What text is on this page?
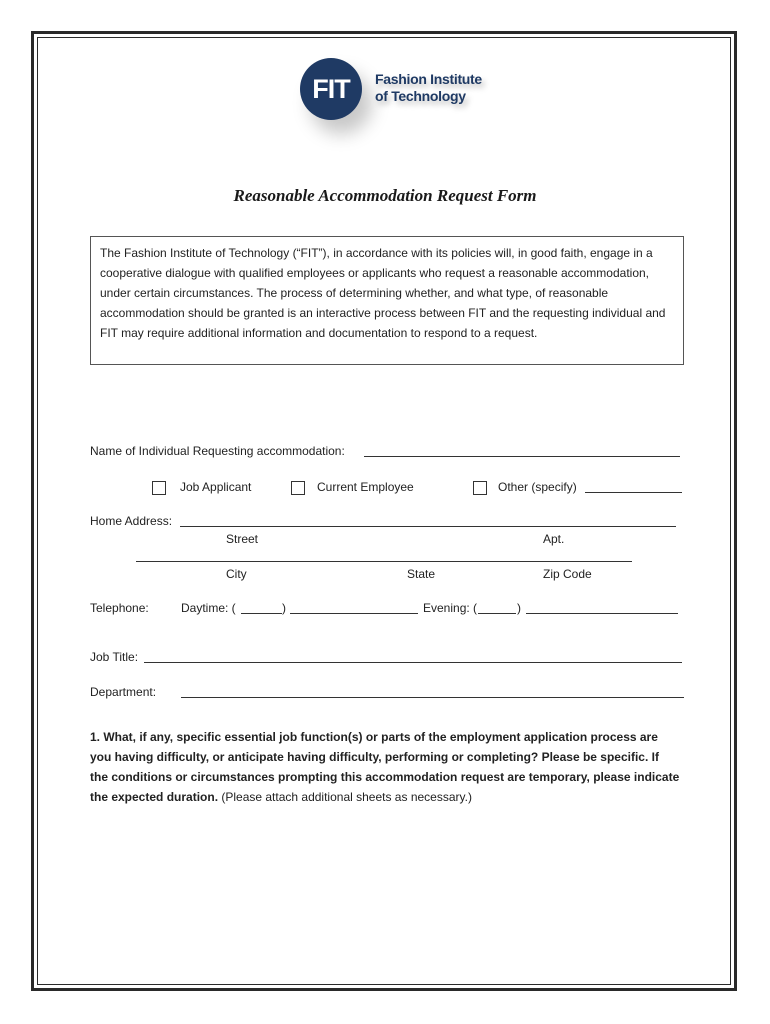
FIT	Fashion Institute
of Technology
Reasonable Accommodation Request Form
The Fashion Institute of Technology (“FIT”), in accordance with its policies will, in good faith, engage in a cooperative dialogue with qualified employees or applicants who request a reasonable accommodation, under certain circumstances. The process of determining whether, and what type, of reasonable accommodation should be granted is an interactive process between FIT and the requesting individual and FIT may require additional information and documentation to respond to a request.
Name of Individual Requesting accommodation:
Job Applicant	Current Employee	Other (specify)
Home Address:
Street	Apt.
City	State	Zip Code
Telephone:	Daytime: (	)	Evening: (	)
Job Title:
Department:
1. What, if any, specific essential job function(s) or parts of the employment application process are you having difficulty, or anticipate having difficulty, performing or completing? Please be specific. If the conditions or circumstances prompting this accommodation request are temporary, please indicate the expected duration. (Please attach additional sheets as necessary.)
